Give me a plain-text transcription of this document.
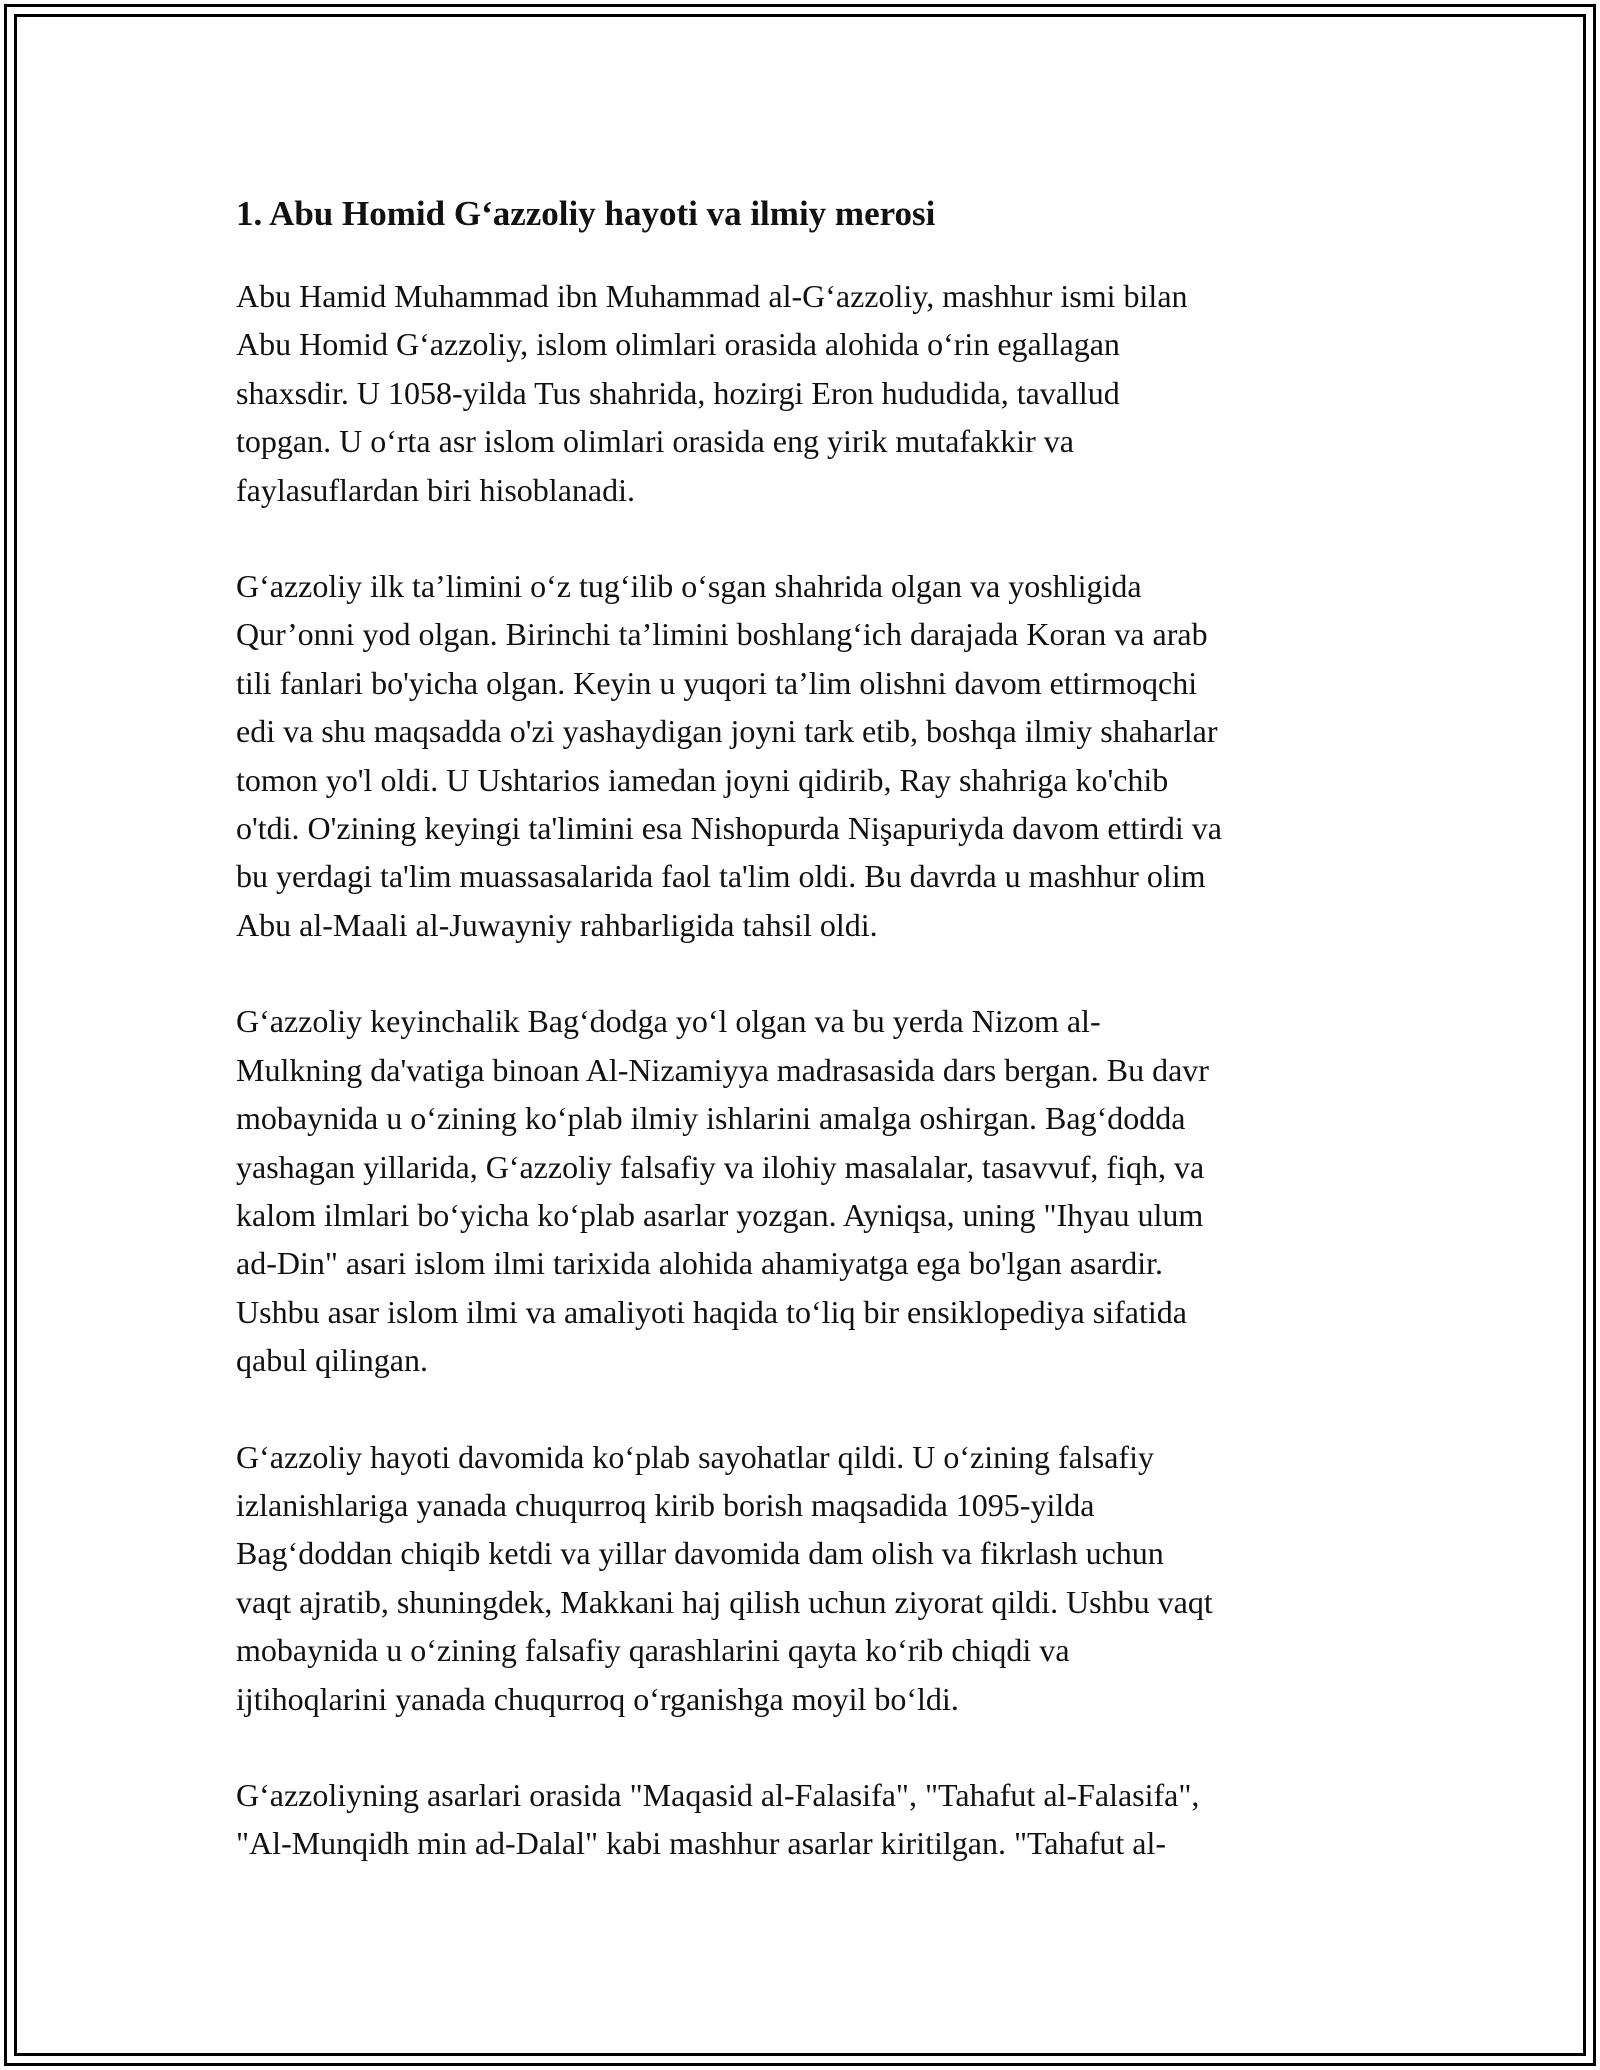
1. Abu Homid G‘azzoliy hayoti va ilmiy merosi

Abu Hamid Muhammad ibn Muhammad al-G‘azzoliy, mashhur ismi bilan
Abu Homid G‘azzoliy, islom olimlari orasida alohida o‘rin egallagan
shaxsdir. U 1058-yilda Tus shahrida, hozirgi Eron hududida, tavallud
topgan. U o‘rta asr islom olimlari orasida eng yirik mutafakkir va
faylasuflardan biri hisoblanadi.

G‘azzoliy ilk ta’limini o‘z tug‘ilib o‘sgan shahrida olgan va yoshligida
Qur’onni yod olgan. Birinchi ta’limini boshlang‘ich darajada Koran va arab
tili fanlari bo'yicha olgan. Keyin u yuqori ta’lim olishni davom ettirmoqchi
edi va shu maqsadda o'zi yashaydigan joyni tark etib, boshqa ilmiy shaharlar
tomon yo'l oldi. U Ushtarios iamedan joyni qidirib, Ray shahriga ko'chib
o'tdi. O'zining keyingi ta'limini esa Nishopurda Nişapuriyda davom ettirdi va
bu yerdagi ta'lim muassasalarida faol ta'lim oldi. Bu davrda u mashhur olim
Abu al-Maali al-Juwayniy rahbarligida tahsil oldi.

G‘azzoliy keyinchalik Bag‘dodga yo‘l olgan va bu yerda Nizom al-
Mulkning da'vatiga binoan Al-Nizamiyya madrasasida dars bergan. Bu davr
mobaynida u o‘zining ko‘plab ilmiy ishlarini amalga oshirgan. Bag‘dodda
yashagan yillarida, G‘azzoliy falsafiy va ilohiy masalalar, tasavvuf, fiqh, va
kalom ilmlari bo‘yicha ko‘plab asarlar yozgan. Ayniqsa, uning "Ihyau ulum
ad-Din" asari islom ilmi tarixida alohida ahamiyatga ega bo'lgan asardir.
Ushbu asar islom ilmi va amaliyoti haqida to‘liq bir ensiklopediya sifatida
qabul qilingan.

G‘azzoliy hayoti davomida ko‘plab sayohatlar qildi. U o‘zining falsafiy
izlanishlariga yanada chuqurroq kirib borish maqsadida 1095-yilda
Bag‘doddan chiqib ketdi va yillar davomida dam olish va fikrlash uchun
vaqt ajratib, shuningdek, Makkani haj qilish uchun ziyorat qildi. Ushbu vaqt
mobaynida u o‘zining falsafiy qarashlarini qayta ko‘rib chiqdi va
ijtihoqlarini yanada chuqurroq o‘rganishga moyil bo‘ldi.

G‘azzoliyning asarlari orasida "Maqasid al-Falasifa", "Tahafut al-Falasifa",
"Al-Munqidh min ad-Dalal" kabi mashhur asarlar kiritilgan. "Tahafut al-
